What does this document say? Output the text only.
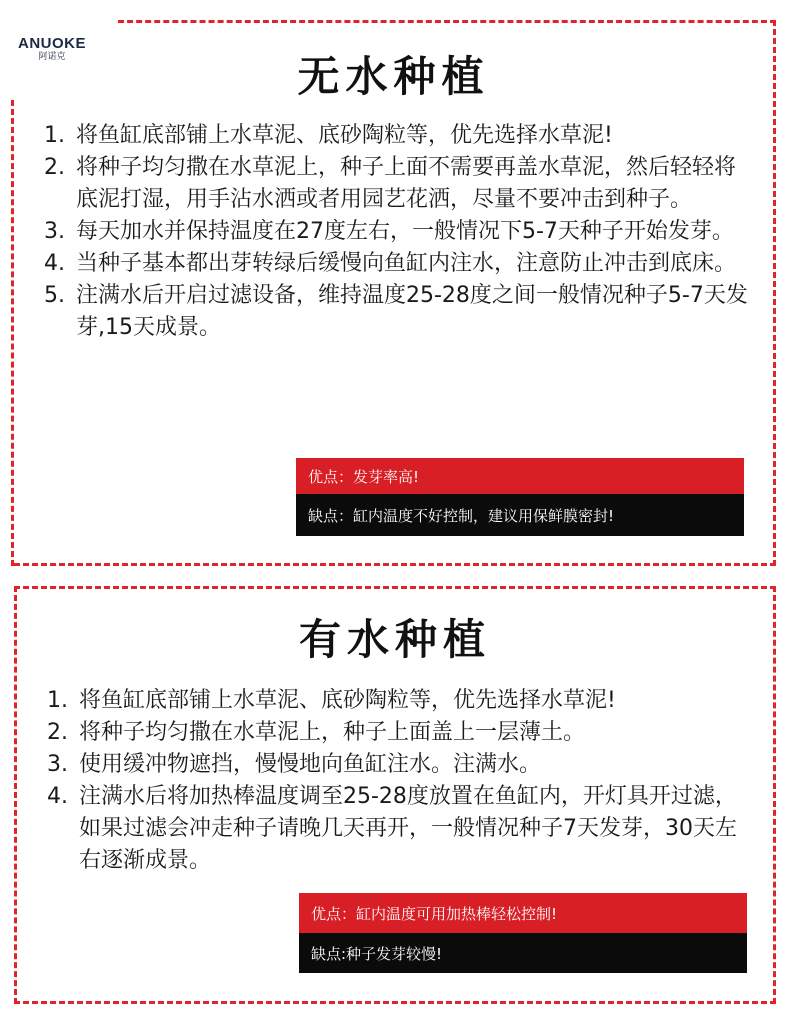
ANUOKE
阿诺克	无水种植
1. 将鱼缸底部铺上水草泥、底砂陶粒等，优先选择水草泥!
2. 将种子均匀撒在水草泥上，种子上面不需要再盖水草泥，然后轻轻将底泥打湿，用手沾水洒或者用园艺花洒，尽量不要冲击到种子。
3. 每天加水并保持温度在27度左右，一般情况下5-7天种子开始发芽。
4. 当种子基本都出芽转绿后缓慢向鱼缸内注水，注意防止冲击到底床。
5. 注满水后开启过滤设备，维持温度25-28度之间一般情况种子5-7天发芽,15天成景。
优点：发芽率高!
缺点：缸内温度不好控制，建议用保鲜膜密封!
有水种植
1. 将鱼缸底部铺上水草泥、底砂陶粒等，优先选择水草泥!
2. 将种子均匀撒在水草泥上，种子上面盖上一层薄土。
3. 使用缓冲物遮挡，慢慢地向鱼缸注水。注满水。
4. 注满水后将加热棒温度调至25-28度放置在鱼缸内，开灯具开过滤，如果过滤会冲走种子请晚几天再开，一般情况种子7天发芽，30天左右逐渐成景。
优点：缸内温度可用加热棒轻松控制!
缺点:种子发芽较慢!
